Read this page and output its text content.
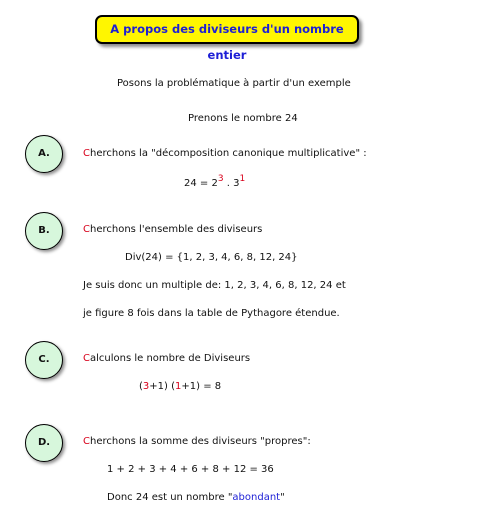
A propos des diviseurs d'un nombre entier
Posons la problématique à partir d'un exemple
Prenons le nombre 24
A.	Cherchons la "décomposition canonique multiplicative" :
$24 = 2^3$ . $3^1$
B.	Cherchons l'ensemble des diviseurs
Div(24) = {1, 2, 3, 4, 6, 8, 12, 24}
Je suis donc un multiple de: 1, 2, 3, 4, 6, 8, 12, 24 et
je figure 8 fois dans la table de Pythagore étendue.
C.	Calculons le nombre de Diviseurs
(3+1) (1+1) = 8
D.	Cherchons la somme des diviseurs "propres":
1 + 2 + 3 + 4 + 6 + 8 + 12 = 36
Donc 24 est un nombre "abondant"
